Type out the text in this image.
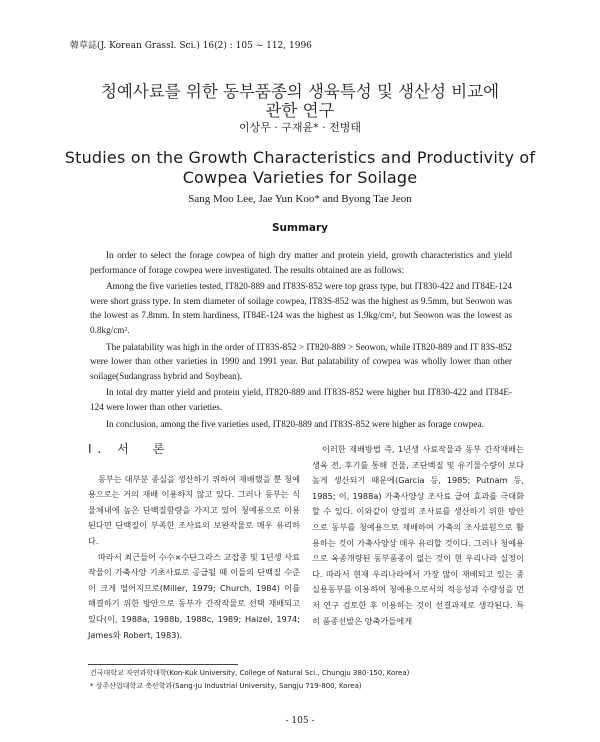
韓草誌(J. Korean Grassl. Sci.) 16(2) : 105 ~ 112, 1996
청예사료를 위한 동부품종의 생육특성 및 생산성 비교에
관한 연구
이상무 · 구재윤* · 전병태
Studies on the Growth Characteristics and Productivity of
Cowpea Varieties for Soilage
Sang Moo Lee, Jae Yun Koo* and Byong Tae Jeon
Summary

In order to select the forage cowpea of high dry matter and protein yield, growth characteristics and yield performance of forage cowpea were investigated. The results obtained are as follows:

Among the five varieties tested, IT820-889 and IT83S-852 were top grass type, but IT830-422 and IT84E-124 were short grass type. In stem diameter of soilage cowpea, IT83S-852 was the highest as 9.5mm, but Seowon was the lowest as 7.8mm. In stem hardiness, IT84E-124 was the highest as 1.9kg/cm², but Seowon was the lowest as 0.8kg/cm².

The palatability was high in the order of IT83S-852 > IT820-889 > Seowon, while IT820-889 and IT 83S-852 were lower than other varieties in 1990 and 1991 year. But palatability of cowpea was wholly lower than other soilage(Sudangrass hybrid and Soybean).

In total dry matter yield and protein yield, IT820-889 and IT83S-852 were higher but IT830-422 and IT84E-124 were lower than other varieties.

In conclusion, among the five varieties used, IT820-889 and IT83S-852 were higher as forage cowpea.

I. 서　론

동부는 대부분 종실을 생산하기 위하여 재배했을 뿐 청예용으로는 거의 재배 이용하지 않고 있다. 그러나 동부는 식물체내에 높은 단백질함량을 가지고 있어 청예용으로 이용 된다면 단백질이 부족한 조사료의 보완작물로 매우 유리하다.

따라서 최근들어 수수×수단그라스 교잡종 및 1년생 사료작물이 가축사양 기초사료로 공급될 때 이들의 단백질 수준이 크게 떨어지므로(Miller, 1979; Church, 1984) 이를 해결하기 위한 방안으로 동부가 간작작물로 선택 재배되고 있다(이, 1988a, 1988b, 1988c, 1989; Haizel, 1974; James와 Robert, 1983).

이러한 재배방법 즉, 1년생 사료작물과 동부 간작재배는 생육 전, 후기를 통해 건물, 조단백질 및 유기물수량이 보다 높게 생산되기 때문에(Garcia 등, 1985; Putnam 등, 1985; 이, 1988a) 가축사양상 조사료 급여 효과를 극대화 할 수 있다. 이와같이 양질의 조사료를 생산하기 위한 방안으로 동부를 청예용으로 재배하여 가축의 조사료원으로 활용하는 것이 가축사양상 매우 유리할 것이다. 그러나 청예용으로 육종개량된 동부품종이 없는 것이 현 우리나라 실정이다. 따라서 현재 우리나라에서 가장 많이 재배되고 있는 종실용동부를 이용하여 청예용으로서의 적응성과 수량성을 먼저 연구 검토한 후 이용하는 것이 선결과제로 생각된다. 특히 품종선발은 양축가들에게

건국대학교 자연과학대학(Kon-Kuk University, College of Natural Sci., Chungju 380-150, Korea)
* 상주산업대학교 축산학과(Sang-Ju Industrial University, Sangju 719-800, Korea)
- 105 -
